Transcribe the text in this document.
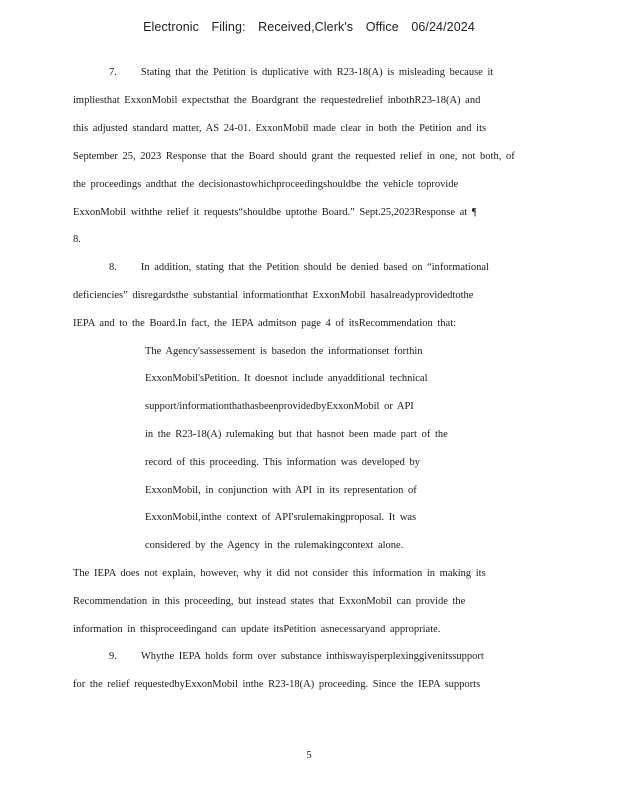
Electronic Filing: Received,Clerk's Office 06/24/2024
7. Stating that the Petition is duplicative with R23-18(A) is misleading because it
impliesthat ExxonMobil expectsthat the Boardgrant the requestedrelief inbothR23-18(A) and
this adjusted standard matter, AS 24-01. ExxonMobil made clear in both the Petition and its
September 25, 2023 Response that the Board should grant the requested relief in one, not both, of
the proceedings andthat the decisionastowhichproceedingshouldbe the vehicle toprovide
ExxonMobil withthe relief it requests“shouldbe uptothe Board.” Sept.25,2023Response at ¶
8.
8. In addition, stating that the Petition should be denied based on “informational
deficiencies” disregardsthe substantial informationthat ExxonMobil hasalreadyprovidedtothe
IEPA and to the Board.In fact, the IEPA admitson page 4 of itsRecommendation that:
The Agency'sassessement is basedon the informationset forthin
ExxonMobil'sPetition. It doesnot include anyadditional technical
support/informationthathasbeenprovidedbyExxonMobil or API
in the R23-18(A) rulemaking but that hasnot been made part of the
record of this proceeding. This information was developed by
ExxonMobil, in conjunction with API in its representation of
ExxonMobil,inthe context of API'srulemakingproposal. It was
considered by the Agency in the rulemakingcontext alone.
The IEPA does not explain, however, why it did not consider this information in making its
Recommendation in this proceeding, but instead states that ExxonMobil can provide the
information in thisproceedingand can update itsPetition asnecessaryand appropriate.
9. Whythe IEPA holds form over substance inthiswayisperplexinggivenitssupport
for the relief requestedbyExxonMobil inthe R23-18(A) proceeding. Since the IEPA supports
5
